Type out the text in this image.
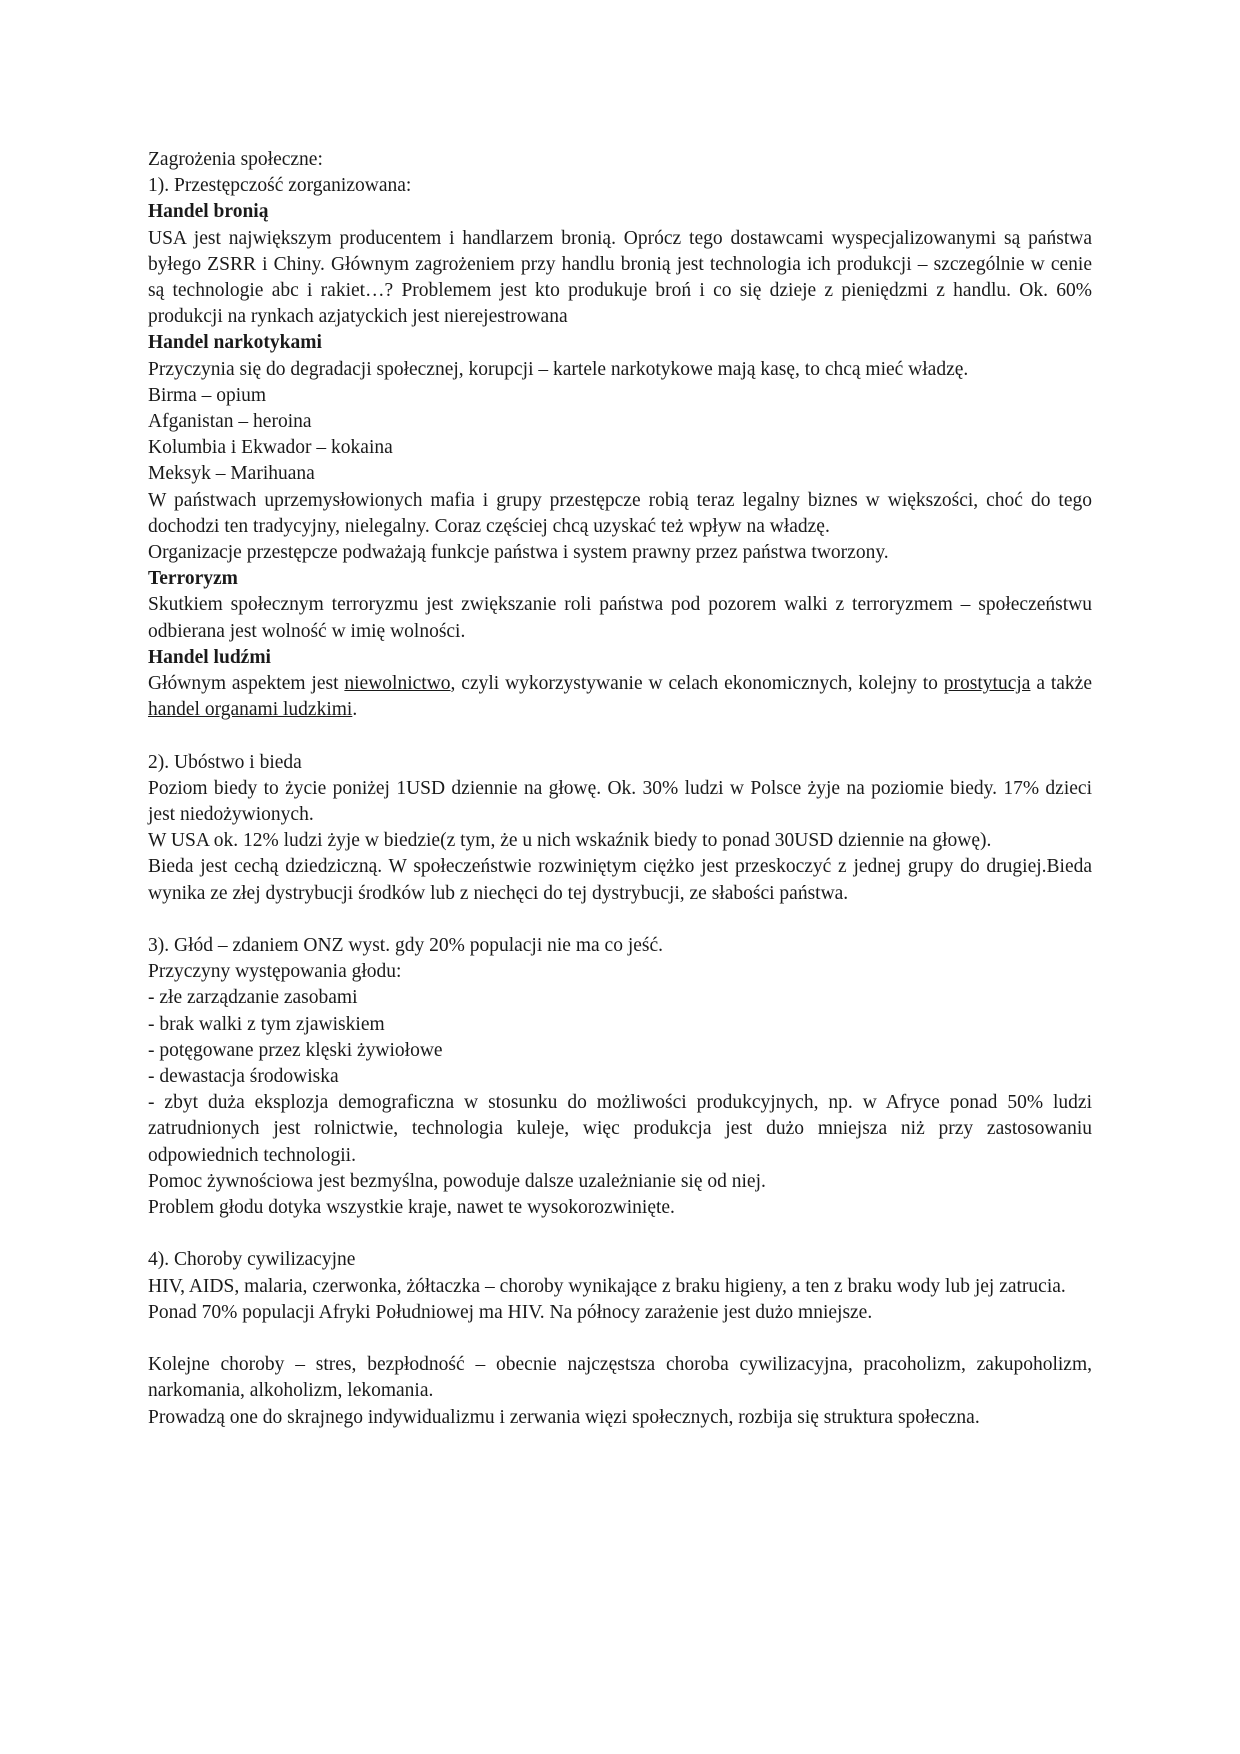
Zagrożenia społeczne:

1). Przestępczość zorganizowana:

Handel bronią

USA jest największym producentem i handlarzem bronią. Oprócz tego dostawcami wyspecjalizowanymi są państwa byłego ZSRR i Chiny. Głównym zagrożeniem przy handlu bronią jest technologia ich produkcji – szczególnie w cenie są technologie abc i rakiet…? Problemem jest kto produkuje broń i co się dzieje z pieniędzmi z handlu. Ok. 60% produkcji na rynkach azjatyckich jest nierejestrowana

Handel narkotykami

Przyczynia się do degradacji społecznej, korupcji – kartele narkotykowe mają kasę, to chcą mieć władzę.

Birma – opium

Afganistan – heroina

Kolumbia i Ekwador – kokaina

Meksyk – Marihuana

W państwach uprzemysłowionych mafia i grupy przestępcze robią teraz legalny biznes w większości, choć do tego dochodzi ten tradycyjny, nielegalny. Coraz częściej chcą uzyskać też wpływ na władzę.

Organizacje przestępcze podważają funkcje państwa i system prawny przez państwa tworzony.

Terroryzm

Skutkiem społecznym terroryzmu jest zwiększanie roli państwa pod pozorem walki z terroryzmem – społeczeństwu odbierana jest wolność w imię wolności.

Handel ludźmi

Głównym aspektem jest niewolnictwo, czyli wykorzystywanie w celach ekonomicznych, kolejny to prostytucja a także handel organami ludzkimi.

2). Ubóstwo i bieda

Poziom biedy to życie poniżej 1USD dziennie na głowę. Ok. 30% ludzi w Polsce żyje na poziomie biedy. 17% dzieci jest niedożywionych.

W USA ok. 12% ludzi żyje w biedzie(z tym, że u nich wskaźnik biedy to ponad 30USD dziennie na głowę).

Bieda jest cechą dziedziczną. W społeczeństwie rozwiniętym ciężko jest przeskoczyć z jednej grupy do drugiej.Bieda wynika ze złej dystrybucji środków lub z niechęci do tej dystrybucji, ze słabości państwa.

3). Głód – zdaniem ONZ wyst. gdy 20% populacji nie ma co jeść.

Przyczyny występowania głodu:

- złe zarządzanie zasobami

- brak walki z tym zjawiskiem

- potęgowane przez klęski żywiołowe

- dewastacja środowiska

- zbyt duża eksplozja demograficzna w stosunku do możliwości produkcyjnych, np. w Afryce ponad 50% ludzi zatrudnionych jest rolnictwie, technologia kuleje, więc produkcja jest dużo mniejsza niż przy zastosowaniu odpowiednich technologii.

Pomoc żywnościowa jest bezmyślna, powoduje dalsze uzależnianie się od niej.

Problem głodu dotyka wszystkie kraje, nawet te wysokorozwinięte.

4). Choroby cywilizacyjne

HIV, AIDS, malaria, czerwonka, żółtaczka – choroby wynikające z braku higieny, a ten z braku wody lub jej zatrucia.

Ponad 70% populacji Afryki Południowej ma HIV. Na północy zarażenie jest dużo mniejsze.

Kolejne choroby – stres, bezpłodność – obecnie najczęstsza choroba cywilizacyjna, pracoholizm, zakupoholizm, narkomania, alkoholizm, lekomania.

Prowadzą one do skrajnego indywidualizmu i zerwania więzi społecznych, rozbija się struktura społeczna.
